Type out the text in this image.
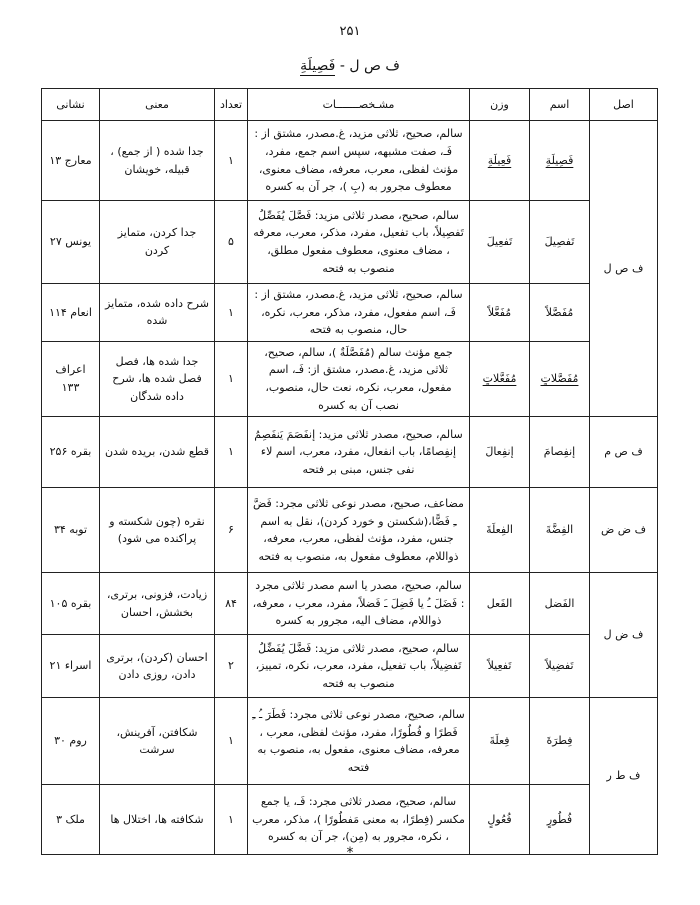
۲۵۱
ف ص ل - فَصِيلَةِ
اصل	اسم	وزن	مشـخصـــــــات	تعداد	معنی	نشانی
ف ص ل	فَصِيلَةِ	فَعِيلَةِ	سالم، صحیح، ثلاثی مزید، غ.مصدر، مشتق از : فَـ، صفت مشبهه، سپس اسم جمع، مفرد، مؤنث لفظی، معرب، معرفه، مضاف معنوی، معطوف مجرور به (بِ )، جر آن به کسره	۱	جدا شده ( از جمع) ، قبیله، خویشان	معارج ۱۳
	تَفصِيلَ	تَفعِيلَ	سالم، صحیح، مصدر ثلاثی مزید: فَصَّلَ یُفَصِّلُ تَفصِیلاً، باب تفعیل، مفرد، مذکر، معرب، معرفه ، مضاف معنوی، معطوف مفعول مطلق، منصوب به فتحه	۵	جدا کردن، متمایز کردن	یونس ۲۷
	مُفَصَّلاً	مُفَعَّلاً	سالم، صحیح، ثلاثی مزید، غ.مصدر، مشتق از : فَـ، اسم مفعول، مفرد، مذکر، معرب، نکره، حال، منصوب به فتحه	۱	شرح داده شده، متمایز شده	انعام ۱۱۴
	مُفَصَّلاتٍ	مُفَعَّلاتٍ	جمع مؤنث سالم (مُفَصَّلَةٌ )، سالم، صحیح، ثلاثی مزید، غ.مصدر، مشتق از: فَـ، اسم مفعول، معرب، نکره، نعت حال، منصوب، نصب آن به کسره	۱	جدا شده ها، فصل فصل شده ها، شرح داده شدگان	اعراف ۱۳۳
ف ص م	إنفِصامَ	إنفِعالَ	سالم، صحیح، مصدر ثلاثی مزید: إنفَصَمَ یَنفَصِمُ إنفِصامًا، باب انفعال، مفرد، معرب، اسم لاء نفی جنس، مبنی بر فتحه	۱	قطع شدن، بریده شدن	بقره ۲۵۶
ف ض ض	الفِضَّةَ	الفِعلَةَ	مضاعف، صحیح، مصدر نوعی ثلاثی مجرد: فَضَّ ـِ فَضًّا،(شکستن و خورد کردن)، نقل به اسم جنس، مفرد، مؤنث لفظی، معرب، معرفه، ذواللام، معطوف مفعول به، منصوب به فتحه	۶	نقره (چون شکسته و پراکنده می شود)	توبه ۳۴
ف ض ل	الفَضل	الفَعل	سالم، صحیح، مصدر یا اسم مصدر ثلاثی مجرد : فَضَلَ ـُ یا فَضِلَ ـَ فَضلاً، مفرد، معرب ، معرفه، ذواللام، مضاف الیه، مجرور به کسره	۸۴	زیادت، فزونی، برتری، بخشش، احسان	بقره ۱۰۵
	تَفضِيلاً	تَفعِيلاً	سالم، صحیح، مصدر ثلاثی مزید: فَضَّلَ یُفَضِّلُ تَفضِیلاً، باب تفعیل، مفرد، معرب، نکره، تمییز، منصوب به فتحه	۲	احسان (کردن)، برتری دادن، روزی دادن	اسراء ۲۱
ف ط ر	فِطرَةَ	فِعلَةَ	سالم، صحیح، مصدر نوعی ثلاثی مجرد: فَطَرَ ـُ ـِ فَطرًا و فُطُورًا، مفرد، مؤنث لفظی، معرب ، معرفه، مضاف معنوی، مفعول به، منصوب به فتحه	۱	شکافتن، آفرینش، سرشت	روم ۳۰
	فُطُورٍ	فُعُولٍ	سالم، صحیح، مصدر ثلاثی مجرد: فَـ، یا جمع مکسر (فِطرًا، به معنی مَفطُورًا )، مذکر، معرب ، نکره، مجرور به (مِن)، جر آن به کسره	۱	شکافته ها، اختلال ها	ملک ۳
*
